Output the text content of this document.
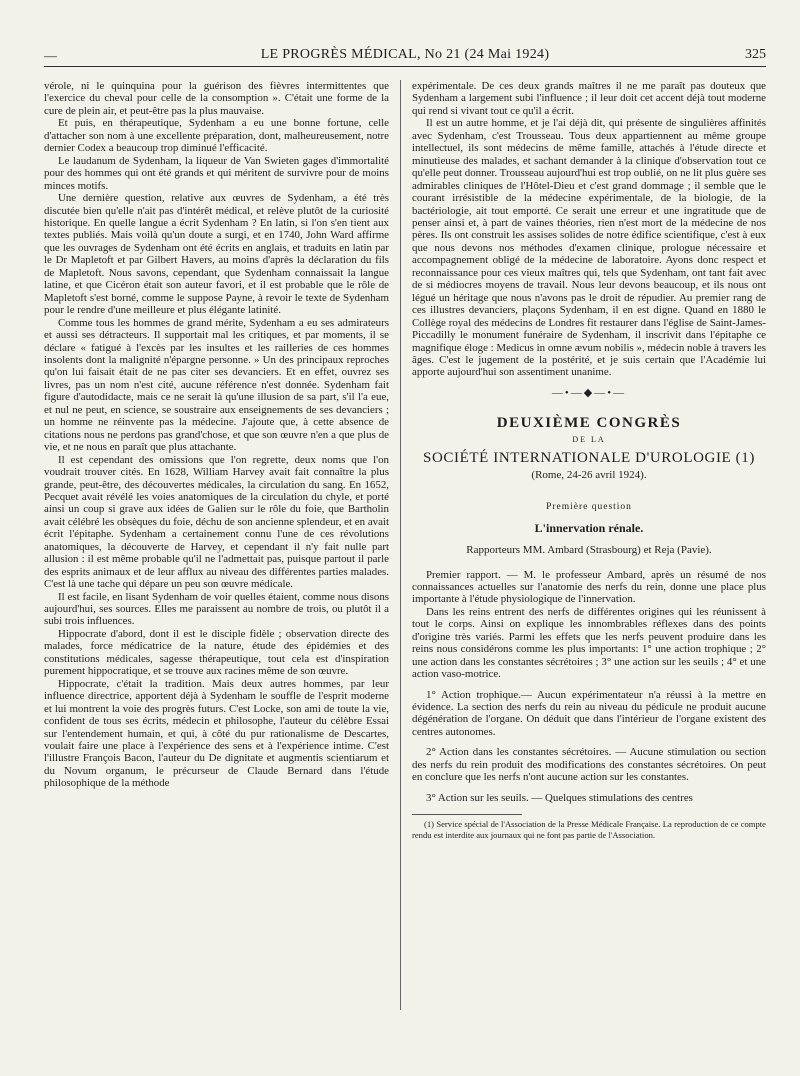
—	LE PROGRÈS MÉDICAL, No 21 (24 Mai 1924)	325

vérole, ni le quinquina pour la guérison des fièvres intermittentes que l'exercice du cheval pour celle de la consomption ». C'était une forme de la cure de plein air, et peut-être pas la plus mauvaise.

Et puis, en thérapeutique, Sydenham a eu une bonne fortune, celle d'attacher son nom à une excellente préparation, dont, malheureusement, notre dernier Codex a beaucoup trop diminué l'efficacité.

Le laudanum de Sydenham, la liqueur de Van Swieten gages d'immortalité pour des hommes qui ont été grands et qui méritent de survivre pour de moins minces motifs.

Une dernière question, relative aux œuvres de Sydenham, a été très discutée bien qu'elle n'ait pas d'intérêt médical, et relève plutôt de la curiosité historique. En quelle langue a écrit Sydenham ? En latin, si l'on s'en tient aux textes publiés. Mais voilà qu'un doute a surgi, et en 1740, John Ward affirme que les ouvrages de Sydenham ont été écrits en anglais, et traduits en latin par le Dr Mapletoft et par Gilbert Havers, au moins d'après la déclaration du fils de Mapletoft. Nous savons, cependant, que Sydenham connaissait la langue latine, et que Cicéron était son auteur favori, et il est probable que le rôle de Mapletoft s'est borné, comme le suppose Payne, à revoir le texte de Sydenham pour le rendre d'une meilleure et plus élégante latinité.

Comme tous les hommes de grand mérite, Sydenham a eu ses admirateurs et aussi ses détracteurs. Il supportait mal les critiques, et par moments, il se déclare « fatigué à l'excès par les insultes et les railleries de ces hommes insolents dont la malignité n'épargne personne. » Un des principaux reproches qu'on lui faisait était de ne pas citer ses devanciers. Et en effet, ouvrez ses livres, pas un nom n'est cité, aucune référence n'est donnée. Sydenham fait figure d'autodidacte, mais ce ne serait là qu'une illusion de sa part, s'il l'a eue, et nul ne peut, en science, se soustraire aux enseignements de ses devanciers ; un homme ne réinvente pas la médecine. J'ajoute que, à cette absence de citations nous ne perdons pas grand'chose, et que son œuvre n'en a que plus de vie, et ne nous en paraît que plus attachante.

Il est cependant des omissions que l'on regrette, deux noms que l'on voudrait trouver cités. En 1628, William Harvey avait fait connaître la plus grande, peut-être, des découvertes médicales, la circulation du sang. En 1652, Pecquet avait révélé les voies anatomiques de la circulation du chyle, et porté ainsi un coup si grave aux idées de Galien sur le rôle du foie, que Bartholin avait célébré les obsèques du foie, déchu de son ancienne splendeur, et en avait écrit l'épitaphe. Sydenham a certainement connu l'une de ces révolutions anatomiques, la découverte de Harvey, et cependant il n'y fait nulle part allusion : il est même probable qu'il ne l'admettait pas, puisque partout il parle des esprits animaux et de leur afflux au niveau des différentes parties malades. C'est là une tache qui dépare un peu son œuvre médicale.

Il est facile, en lisant Sydenham de voir quelles étaient, comme nous disons aujourd'hui, ses sources. Elles me paraissent au nombre de trois, ou plutôt il a subi trois influences.

Hippocrate d'abord, dont il est le disciple fidèle ; observation directe des malades, force médicatrice de la nature, étude des épidémies et des constitutions médicales, sagesse thérapeutique, tout cela est d'inspiration purement hippocratique, et se trouve aux racines même de son œuvre.

Hippocrate, c'était la tradition. Mais deux autres hommes, par leur influence directrice, apportent déjà à Sydenham le souffle de l'esprit moderne et lui montrent la voie des progrès futurs. C'est Locke, son ami de toute la vie, confident de tous ses écrits, médecin et philosophe, l'auteur du célèbre Essai sur l'entendement humain, et qui, à côté du pur rationalisme de Descartes, voulait faire une place à l'expérience des sens et à l'expérience intime. C'est l'illustre François Bacon, l'auteur du De dignitate et augmentis scientiarum et du Novum organum, le précurseur de Claude Bernard dans l'étude philosophique de la méthode

expérimentale. De ces deux grands maîtres il ne me paraît pas douteux que Sydenham a largement subi l'influence ; il leur doit cet accent déjà tout moderne qui rend si vivant tout ce qu'il a écrit.

Il est un autre homme, et je l'ai déjà dit, qui présente de singulières affinités avec Sydenham, c'est Trousseau. Tous deux appartiennent au même groupe intellectuel, ils sont médecins de même famille, attachés à l'étude directe et minutieuse des malades, et sachant demander à la clinique d'observation tout ce qu'elle peut donner. Trousseau aujourd'hui est trop oublié, on ne lit plus guère ses admirables cliniques de l'Hôtel-Dieu et c'est grand dommage ; il semble que le courant irrésistible de la médecine expérimentale, de la biologie, de la bactériologie, ait tout emporté. Ce serait une erreur et une ingratitude que de penser ainsi et, à part de vaines théories, rien n'est mort de la médecine de nos pères. Ils ont construit les assises solides de notre édifice scientifique, c'est à eux que nous devons nos méthodes d'examen clinique, prologue nécessaire et accompagnement obligé de la médecine de laboratoire. Ayons donc respect et reconnaissance pour ces vieux maîtres qui, tels que Sydenham, ont tant fait avec de si médiocres moyens de travail. Nous leur devons beaucoup, et ils nous ont légué un héritage que nous n'avons pas le droit de répudier. Au premier rang de ces illustres devanciers, plaçons Sydenham, il en est digne. Quand en 1880 le Collège royal des médecins de Londres fit restaurer dans l'église de Saint-James-Piccadilly le monument funéraire de Sydenham, il inscrivit dans l'épitaphe ce magnifique éloge : Medicus in omne ævum nobilis », médecin noble à travers les âges. C'est le jugement de la postérité, et je suis certain que l'Académie lui apporte aujourd'hui son assentiment unanime.

—•—◆—•—
DEUXIÈME CONGRÈS
DE LA
SOCIÉTÉ INTERNATIONALE D'UROLOGIE (1)
(Rome, 24-26 avril 1924).
Première question
L'innervation rénale.
Rapporteurs MM. Ambard (Strasbourg) et Reja (Pavie).

Premier rapport. — M. le professeur Ambard, après un résumé de nos connaissances actuelles sur l'anatomie des nerfs du rein, donne une place plus importante à l'étude physiologique de l'innervation.

Dans les reins entrent des nerfs de différentes origines qui les réunissent à tout le corps. Ainsi on explique les innombrables réflexes dans des points d'origine très variés. Parmi les effets que les nerfs peuvent produire dans les reins nous considérons comme les plus importants: 1° une action trophique ; 2° une action dans les constantes sécrétoires ; 3° une action sur les seuils ; 4° et une action vaso-motrice.

1° Action trophique.— Aucun expérimentateur n'a réussi à la mettre en évidence. La section des nerfs du rein au niveau du pédicule ne produit aucune dégénération de l'organe. On déduit que dans l'intérieur de l'organe existent des centres autonomes.

2° Action dans les constantes sécrétoires. — Aucune stimulation ou section des nerfs du rein produit des modifications des constantes sécrétoires. On peut en conclure que les nerfs n'ont aucune action sur les constantes.

3° Action sur les seuils. — Quelques stimulations des centres

(1) Service spécial de l'Association de la Presse Médicale Française. La reproduction de ce compte rendu est interdite aux journaux qui ne font pas partie de l'Association.
